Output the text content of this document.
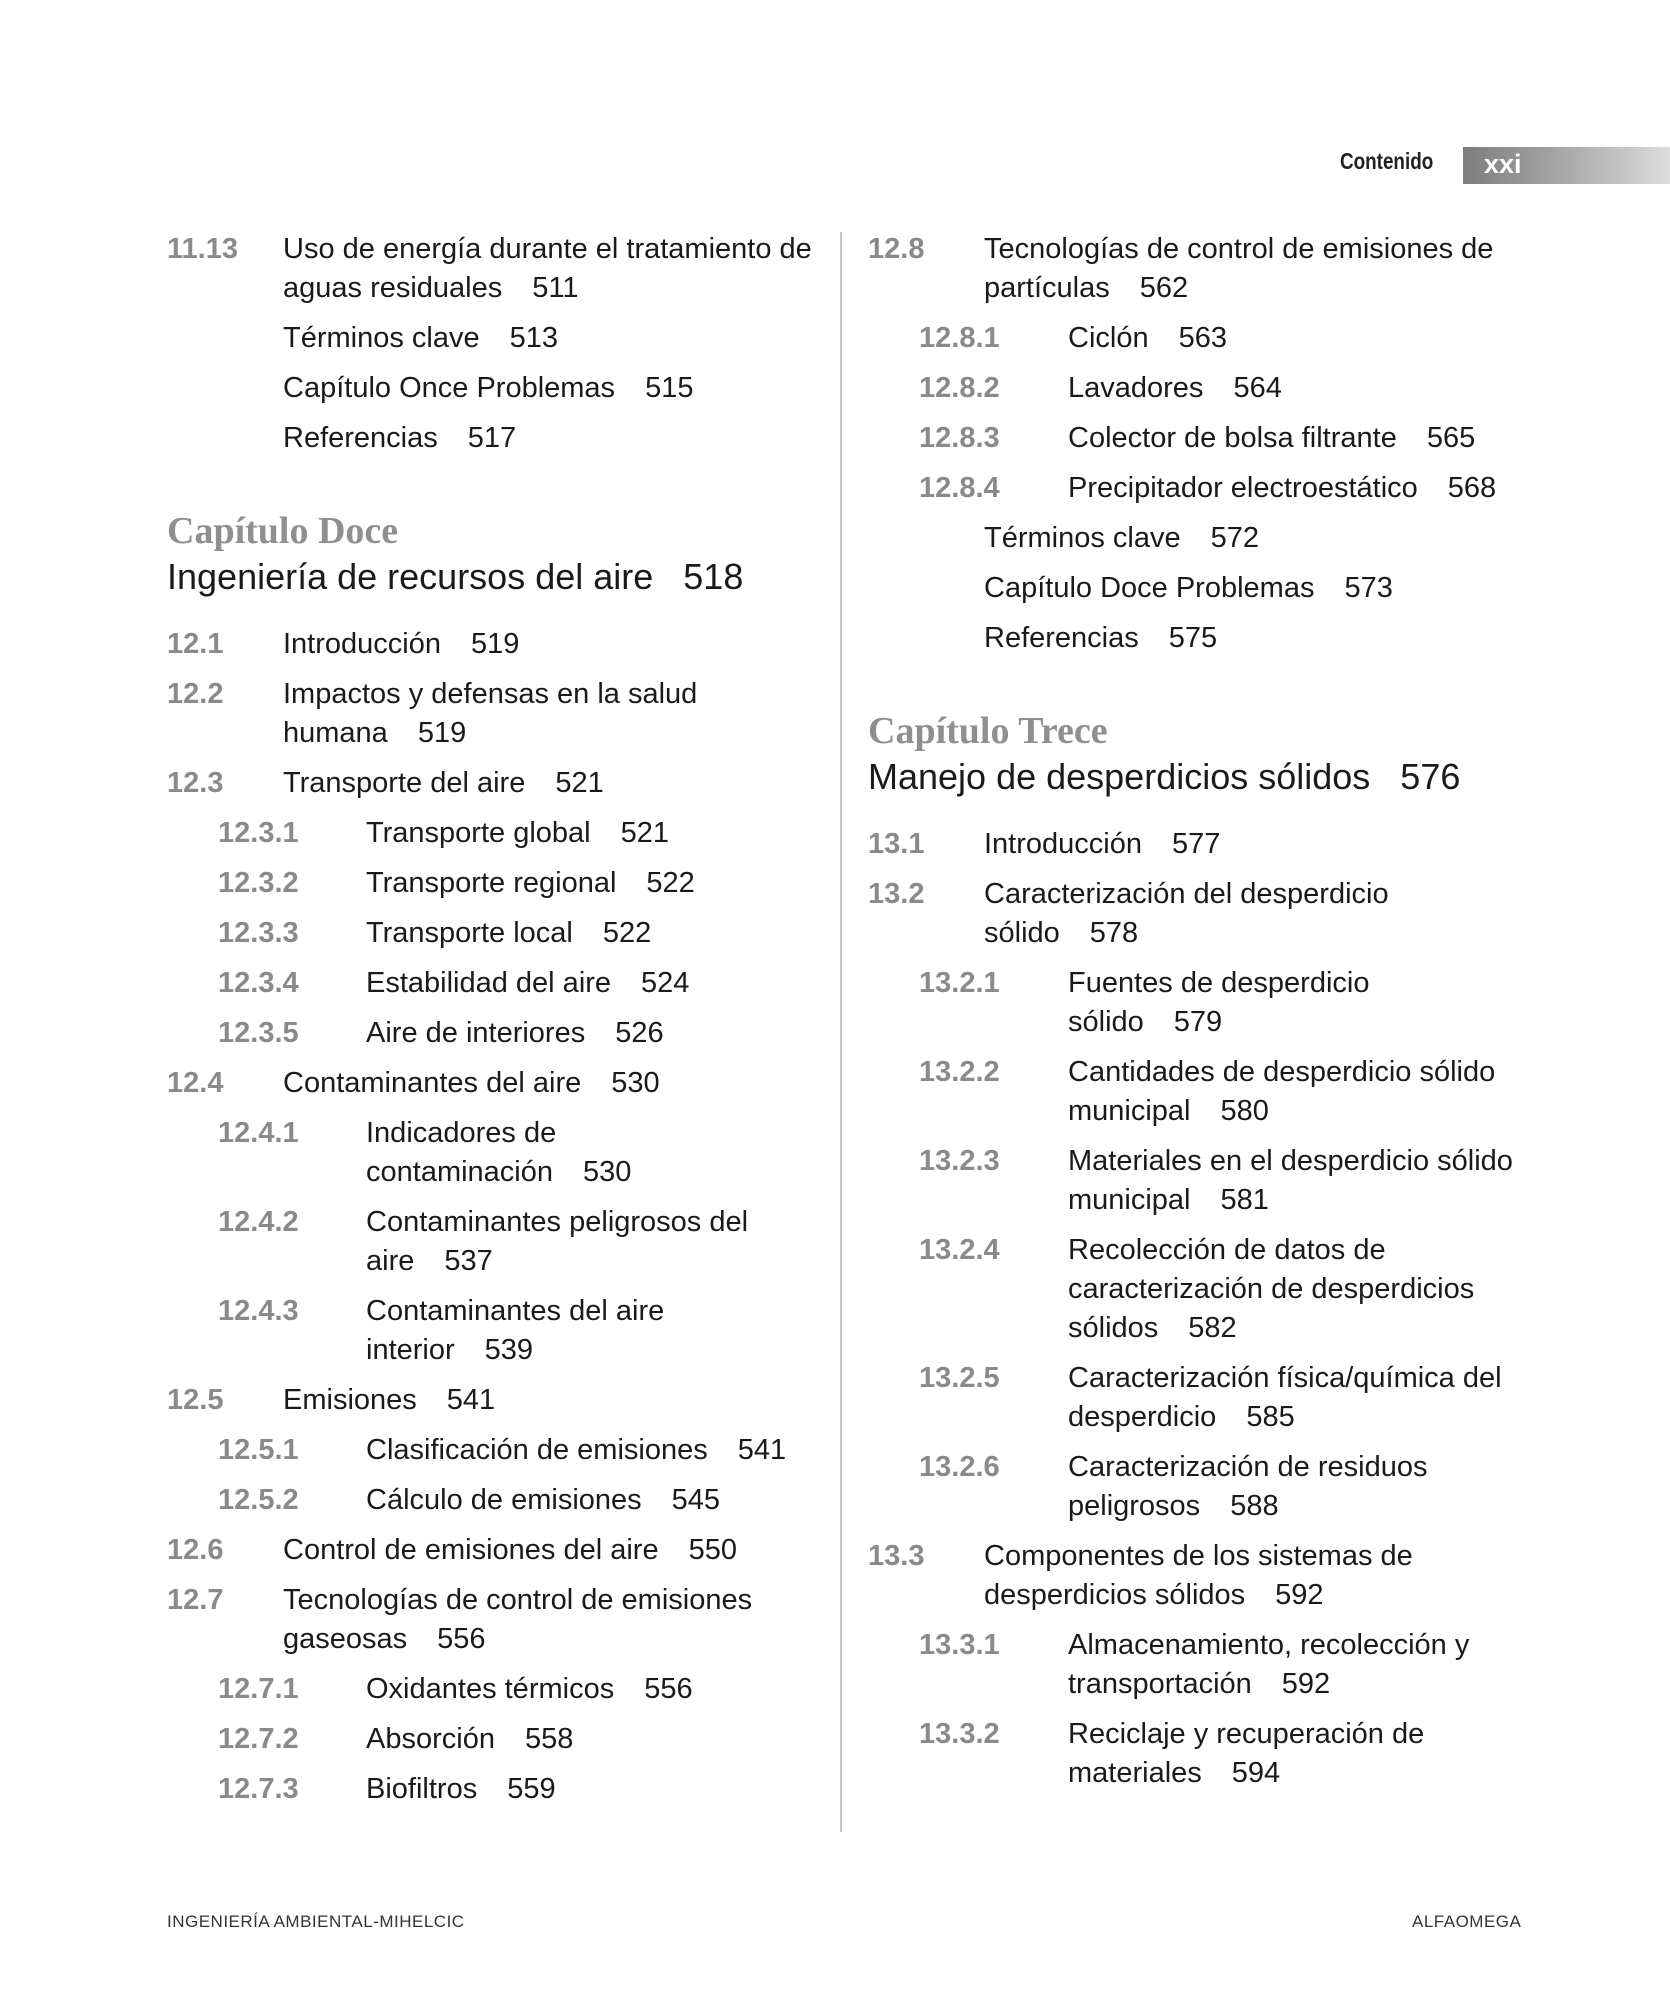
Contenido xxi
11.13	Uso de energía durante el tratamiento de aguas residuales 511
Términos clave 513
Capítulo Once Problemas 515
Referencias 517
Capítulo Doce Ingeniería de recursos del aire 518
12.1	Introducción 519
12.2	Impactos y defensas en la salud humana 519
12.3	Transporte del aire 521
12.3.1	Transporte global 521
12.3.2	Transporte regional 522
12.3.3	Transporte local 522
12.3.4	Estabilidad del aire 524
12.3.5	Aire de interiores 526
12.4	Contaminantes del aire 530
12.4.1	Indicadores de contaminación 530
12.4.2	Contaminantes peligrosos del aire 537
12.4.3	Contaminantes del aire interior 539
12.5	Emisiones 541
12.5.1	Clasificación de emisiones 541
12.5.2	Cálculo de emisiones 545
12.6	Control de emisiones del aire 550
12.7	Tecnologías de control de emisiones gaseosas 556
12.7.1	Oxidantes térmicos 556
12.7.2	Absorción 558
12.7.3	Biofiltros 559
12.8	Tecnologías de control de emisiones de partículas 562
12.8.1	Ciclón 563
12.8.2	Lavadores 564
12.8.3	Colector de bolsa filtrante 565
12.8.4	Precipitador electroestático 568
Términos clave 572
Capítulo Doce Problemas 573
Referencias 575
Capítulo Trece Manejo de desperdicios sólidos 576
13.1	Introducción 577
13.2	Caracterización del desperdicio sólido 578
13.2.1	Fuentes de desperdicio sólido 579
13.2.2	Cantidades de desperdicio sólido municipal 580
13.2.3	Materiales en el desperdicio sólido municipal 581
13.2.4	Recolección de datos de caracterización de desperdicios sólidos 582
13.2.5	Caracterización física/química del desperdicio 585
13.2.6	Caracterización de residuos peligrosos 588
13.3	Componentes de los sistemas de desperdicios sólidos 592
13.3.1	Almacenamiento, recolección y transportación 592
13.3.2	Reciclaje y recuperación de materiales 594
INGENIERÍA AMBIENTAL-MIHELCIC	ALFAOMEGA
